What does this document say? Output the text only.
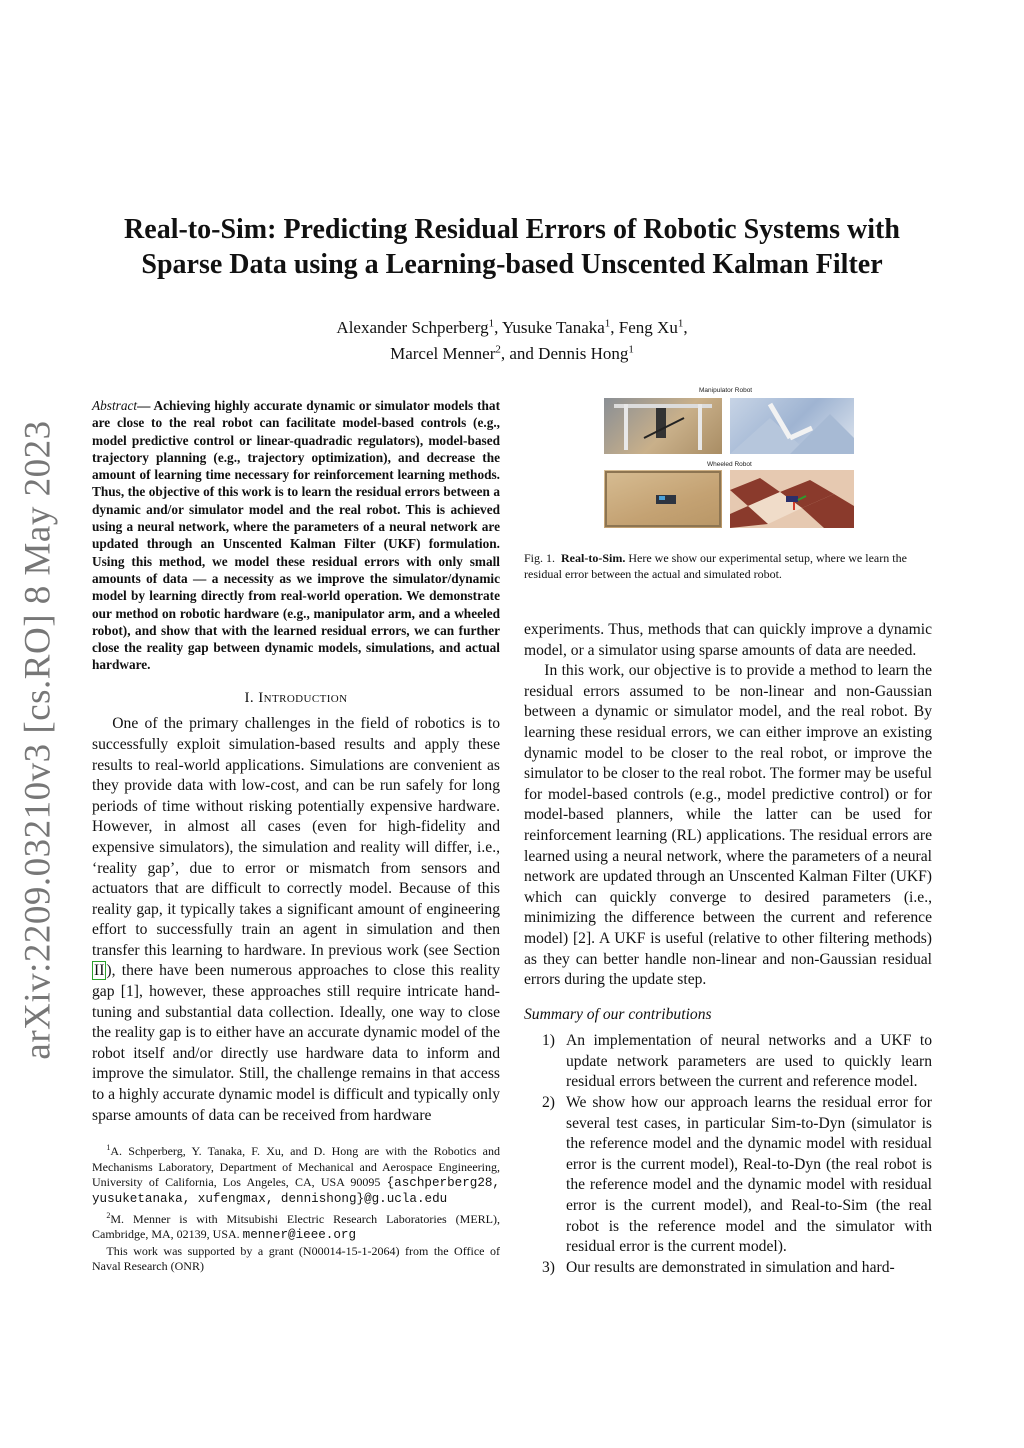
arXiv:2209.03210v3 [cs.RO] 8 May 2023
Real-to-Sim: Predicting Residual Errors of Robotic Systems with
Sparse Data using a Learning-based Unscented Kalman Filter
Alexander Schperberg$^1$, Yusuke Tanaka$^1$, Feng Xu$^1$,
Marcel Menner$^2$, and Dennis Hong$^1$

Abstract— Achieving highly accurate dynamic or simulator models that are close to the real robot can facilitate model-based controls (e.g., model predictive control or linear-quadradic regulators), model-based trajectory planning (e.g., trajectory optimization), and decrease the amount of learning time necessary for reinforcement learning methods. Thus, the objective of this work is to learn the residual errors between a dynamic and/or simulator model and the real robot. This is achieved using a neural network, where the parameters of a neural network are updated through an Unscented Kalman Filter (UKF) formulation. Using this method, we model these residual errors with only small amounts of data — a necessity as we improve the simulator/dynamic model by learning directly from real-world operation. We demonstrate our method on robotic hardware (e.g., manipulator arm, and a wheeled robot), and show that with the learned residual errors, we can further close the reality gap between dynamic models, simulations, and actual hardware.

I. Introduction

One of the primary challenges in the field of robotics is to successfully exploit simulation-based results and apply these results to real-world applications. Simulations are convenient as they provide data with low-cost, and can be run safely for long periods of time without risking potentially expensive hardware. However, in almost all cases (even for high-fidelity and expensive simulators), the simulation and reality will differ, i.e., ‘reality gap’, due to error or mismatch from sensors and actuators that are difficult to correctly model. Because of this reality gap, it typically takes a significant amount of engineering effort to successfully train an agent in simulation and then transfer this learning to hardware. In previous work (see Section II ), there have been numerous approaches to close this reality gap [1], however, these approaches still require intricate hand-tuning and substantial data collection. Ideally, one way to close the reality gap is to either have an accurate dynamic model of the robot itself and/or directly use hardware data to inform and improve the simulator. Still, the challenge remains in that access to a highly accurate dynamic model is difficult and typically only sparse amounts of data can be received from hardware

$^1$A. Schperberg, Y. Tanaka, F. Xu, and D. Hong are with the Robotics and Mechanisms Laboratory, Department of Mechanical and Aerospace Engineering, University of California, Los Angeles, CA, USA 90095 {aschperberg28, yusuketanaka, xufengmax, dennishong}@g.ucla.edu

$^2$M. Menner is with Mitsubishi Electric Research Laboratories (MERL), Cambridge, MA, 02139, USA. menner@ieee.org

This work was supported by a grant (N00014-15-1-2064) from the Office of Naval Research (ONR)

Manipulator Robot
Wheeled Robot
Fig. 1. Real-to-Sim. Here we show our experimental setup, where we learn the residual error between the actual and simulated robot.

experiments. Thus, methods that can quickly improve a dynamic model, or a simulator using sparse amounts of data are needed.

In this work, our objective is to provide a method to learn the residual errors assumed to be non-linear and non-Gaussian between a dynamic or simulator model, and the real robot. By learning these residual errors, we can either improve an existing dynamic model to be closer to the real robot, or improve the simulator to be closer to the real robot. The former may be useful for model-based controls (e.g., model predictive control) or for model-based planners, while the latter can be used for reinforcement learning (RL) applications. The residual errors are learned using a neural network, where the parameters of a neural network are updated through an Unscented Kalman Filter (UKF) which can quickly converge to desired parameters (i.e., minimizing the difference between the current and reference model) [2]. A UKF is useful (relative to other filtering methods) as they can better handle non-linear and non-Gaussian residual errors during the update step.

Summary of our contributions
1) An implementation of neural networks and a UKF to update network parameters are used to quickly learn residual errors between the current and reference model.
2) We show how our approach learns the residual error for several test cases, in particular Sim-to-Dyn (simulator is the reference model and the dynamic model with residual error is the current model), Real-to-Dyn (the real robot is the reference model and the dynamic model with residual error is the current model), and Real-to-Sim (the real robot is the reference model and the simulator with residual error is the current model).
3) Our results are demonstrated in simulation and hard-
